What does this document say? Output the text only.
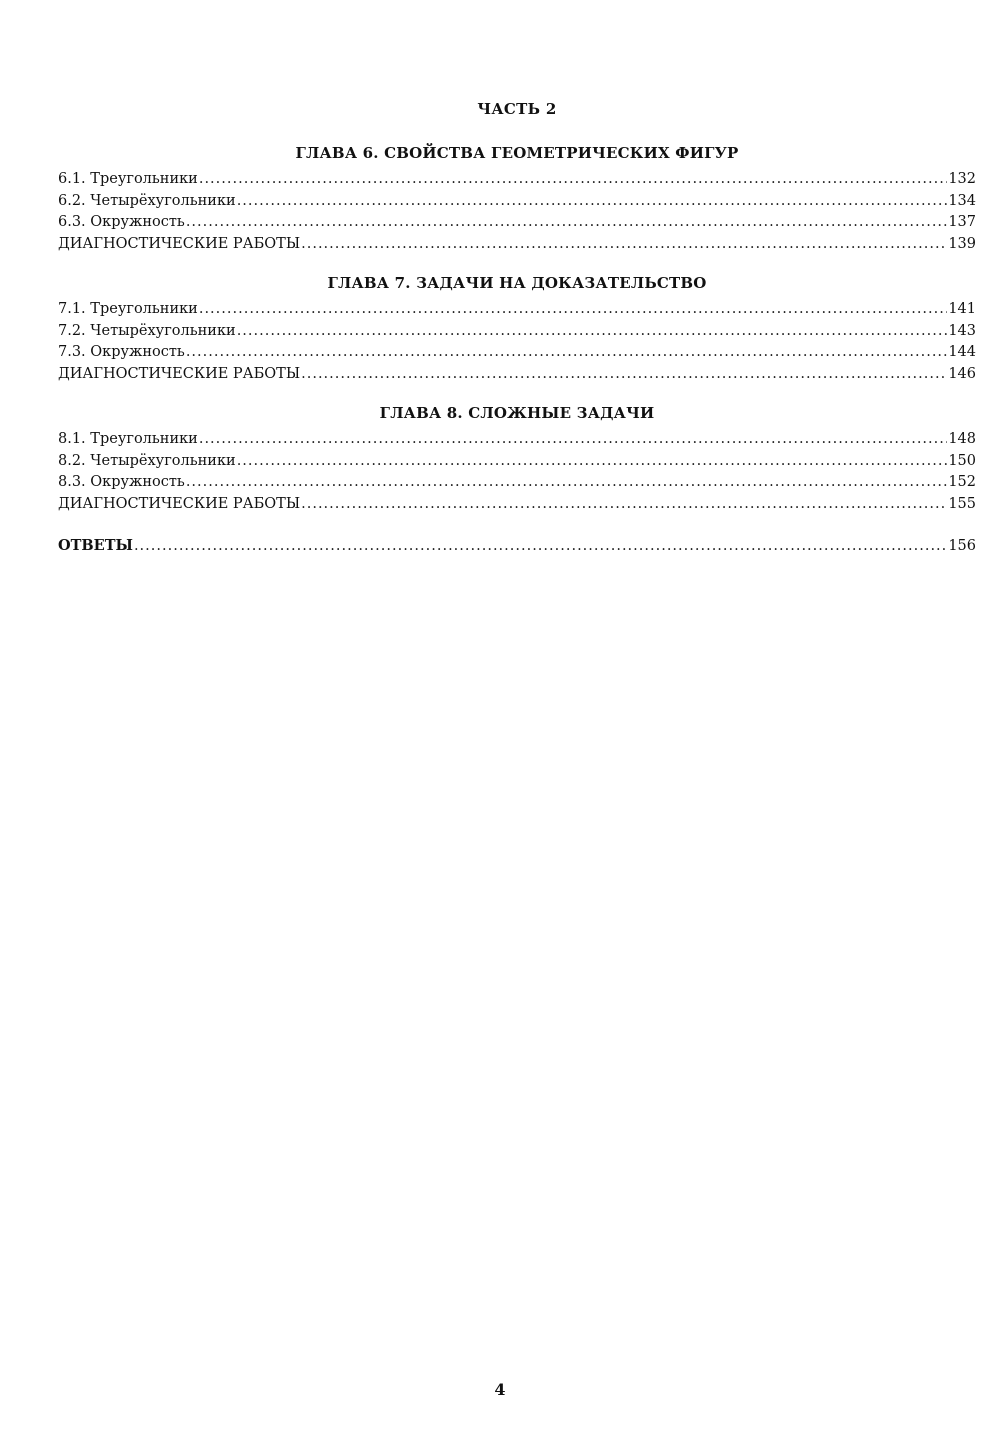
ЧАСТЬ 2
ГЛАВА 6. СВОЙСТВА ГЕОМЕТРИЧЕСКИХ ФИГУР
6.1. Треугольники .....	132
6.2. Четырёхугольники .....	134
6.3. Окружность .....	137
ДИАГНОСТИЧЕСКИЕ РАБОТЫ .....	139
ГЛАВА 7. ЗАДАЧИ НА ДОКАЗАТЕЛЬСТВО
7.1. Треугольники .....	141
7.2. Четырёхугольники .....	143
7.3. Окружность .....	144
ДИАГНОСТИЧЕСКИЕ РАБОТЫ .....	146
ГЛАВА 8. СЛОЖНЫЕ ЗАДАЧИ
8.1. Треугольники .....	148
8.2. Четырёхугольники .....	150
8.3. Окружность .....	152
ДИАГНОСТИЧЕСКИЕ РАБОТЫ .....	155
ОТВЕТЫ .....	156
4
